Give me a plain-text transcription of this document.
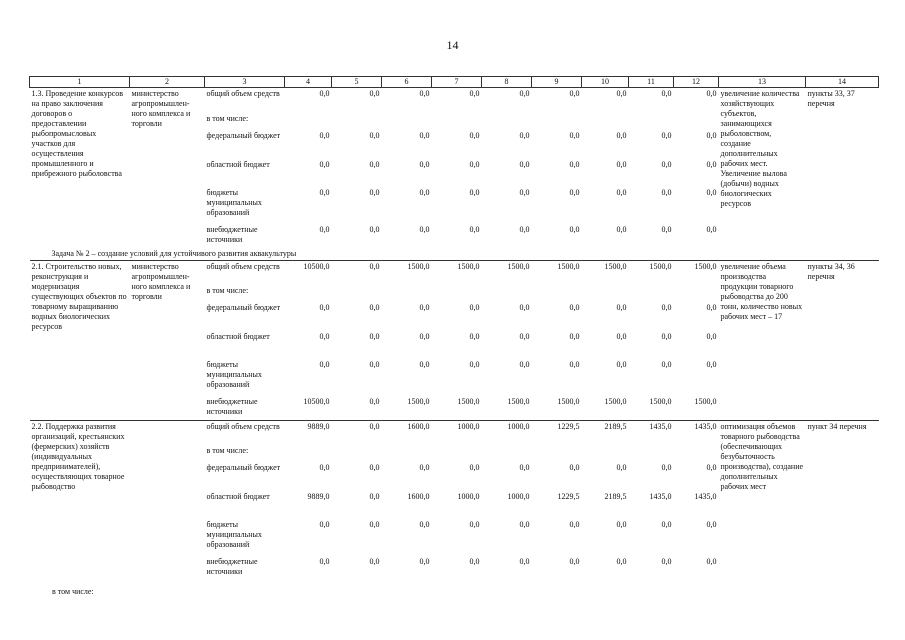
14
1	2	3	4	5	6	7	8	9	10	11	12	13	14
1.3. Проведение конкурсов на право заключения договоров о предоставлении рыбопромысловых участков для осуществления промышленного и прибрежного рыболовства	министерство агропромышлен-ного комплекса и торговли	общий объем средств	0,0	0,0	0,0	0,0	0,0	0,0	0,0	0,0	0,0	увеличение количества хозяйствующих субъектов, занимающихся рыболовством, создание дополнительных рабочих мест. Увеличение вылова (добычи) водных биологических ресурсов	пункты 33, 37 перечня
		в том числе:											
		федеральный бюджет	0,0	0,0	0,0	0,0	0,0	0,0	0,0	0,0	0,0		
		областной бюджет	0,0	0,0	0,0	0,0	0,0	0,0	0,0	0,0	0,0		
		бюджеты муниципальных образований	0,0	0,0	0,0	0,0	0,0	0,0	0,0	0,0	0,0		
		внебюджетные источники	0,0	0,0	0,0	0,0	0,0	0,0	0,0	0,0	0,0		
Задача № 2 – создание условий для устойчивого развития аквакультуры													
2.1. Строительство новых, реконструкция и модернизация существующих объектов по товарному выращиванию водных биологических ресурсов	министерство агропромышлен-ного комплекса и торговли	общий объем средств	10500,0	0,0	1500,0	1500,0	1500,0	1500,0	1500,0	1500,0	1500,0	увеличение объема производства продукции товарного рыбоводства до 200 тонн, количество новых рабочих мест – 17	пункты 34, 36 перечня
		в том числе:											
		федеральный бюджет	0,0	0,0	0,0	0,0	0,0	0,0	0,0	0,0	0,0		
		областной бюджет	0,0	0,0	0,0	0,0	0,0	0,0	0,0	0,0	0,0		
		бюджеты муниципальных образований	0,0	0,0	0,0	0,0	0,0	0,0	0,0	0,0	0,0		
		внебюджетные источники	10500,0	0,0	1500,0	1500,0	1500,0	1500,0	1500,0	1500,0	1500,0		
2.2. Поддержка развития организаций, крестьянских (фермерских) хозяйств (индивидуальных предпринимателей), осуществляющих товарное рыбоводство		общий объем средств	9889,0	0,0	1600,0	1000,0	1000,0	1229,5	2189,5	1435,0	1435,0	оптимизация объемов товарного рыбоводства (обеспечивающих безубыточность производства), создание дополнительных рабочих мест	пункт 34 перечня
		в том числе:											
		федеральный бюджет	0,0	0,0	0,0	0,0	0,0	0,0	0,0	0,0	0,0		
		областной бюджет	9889,0	0,0	1600,0	1000,0	1000,0	1229,5	2189,5	1435,0	1435,0		
		бюджеты муниципальных образований	0,0	0,0	0,0	0,0	0,0	0,0	0,0	0,0	0,0		
		внебюджетные источники	0,0	0,0	0,0	0,0	0,0	0,0	0,0	0,0	0,0		
в том числе:
